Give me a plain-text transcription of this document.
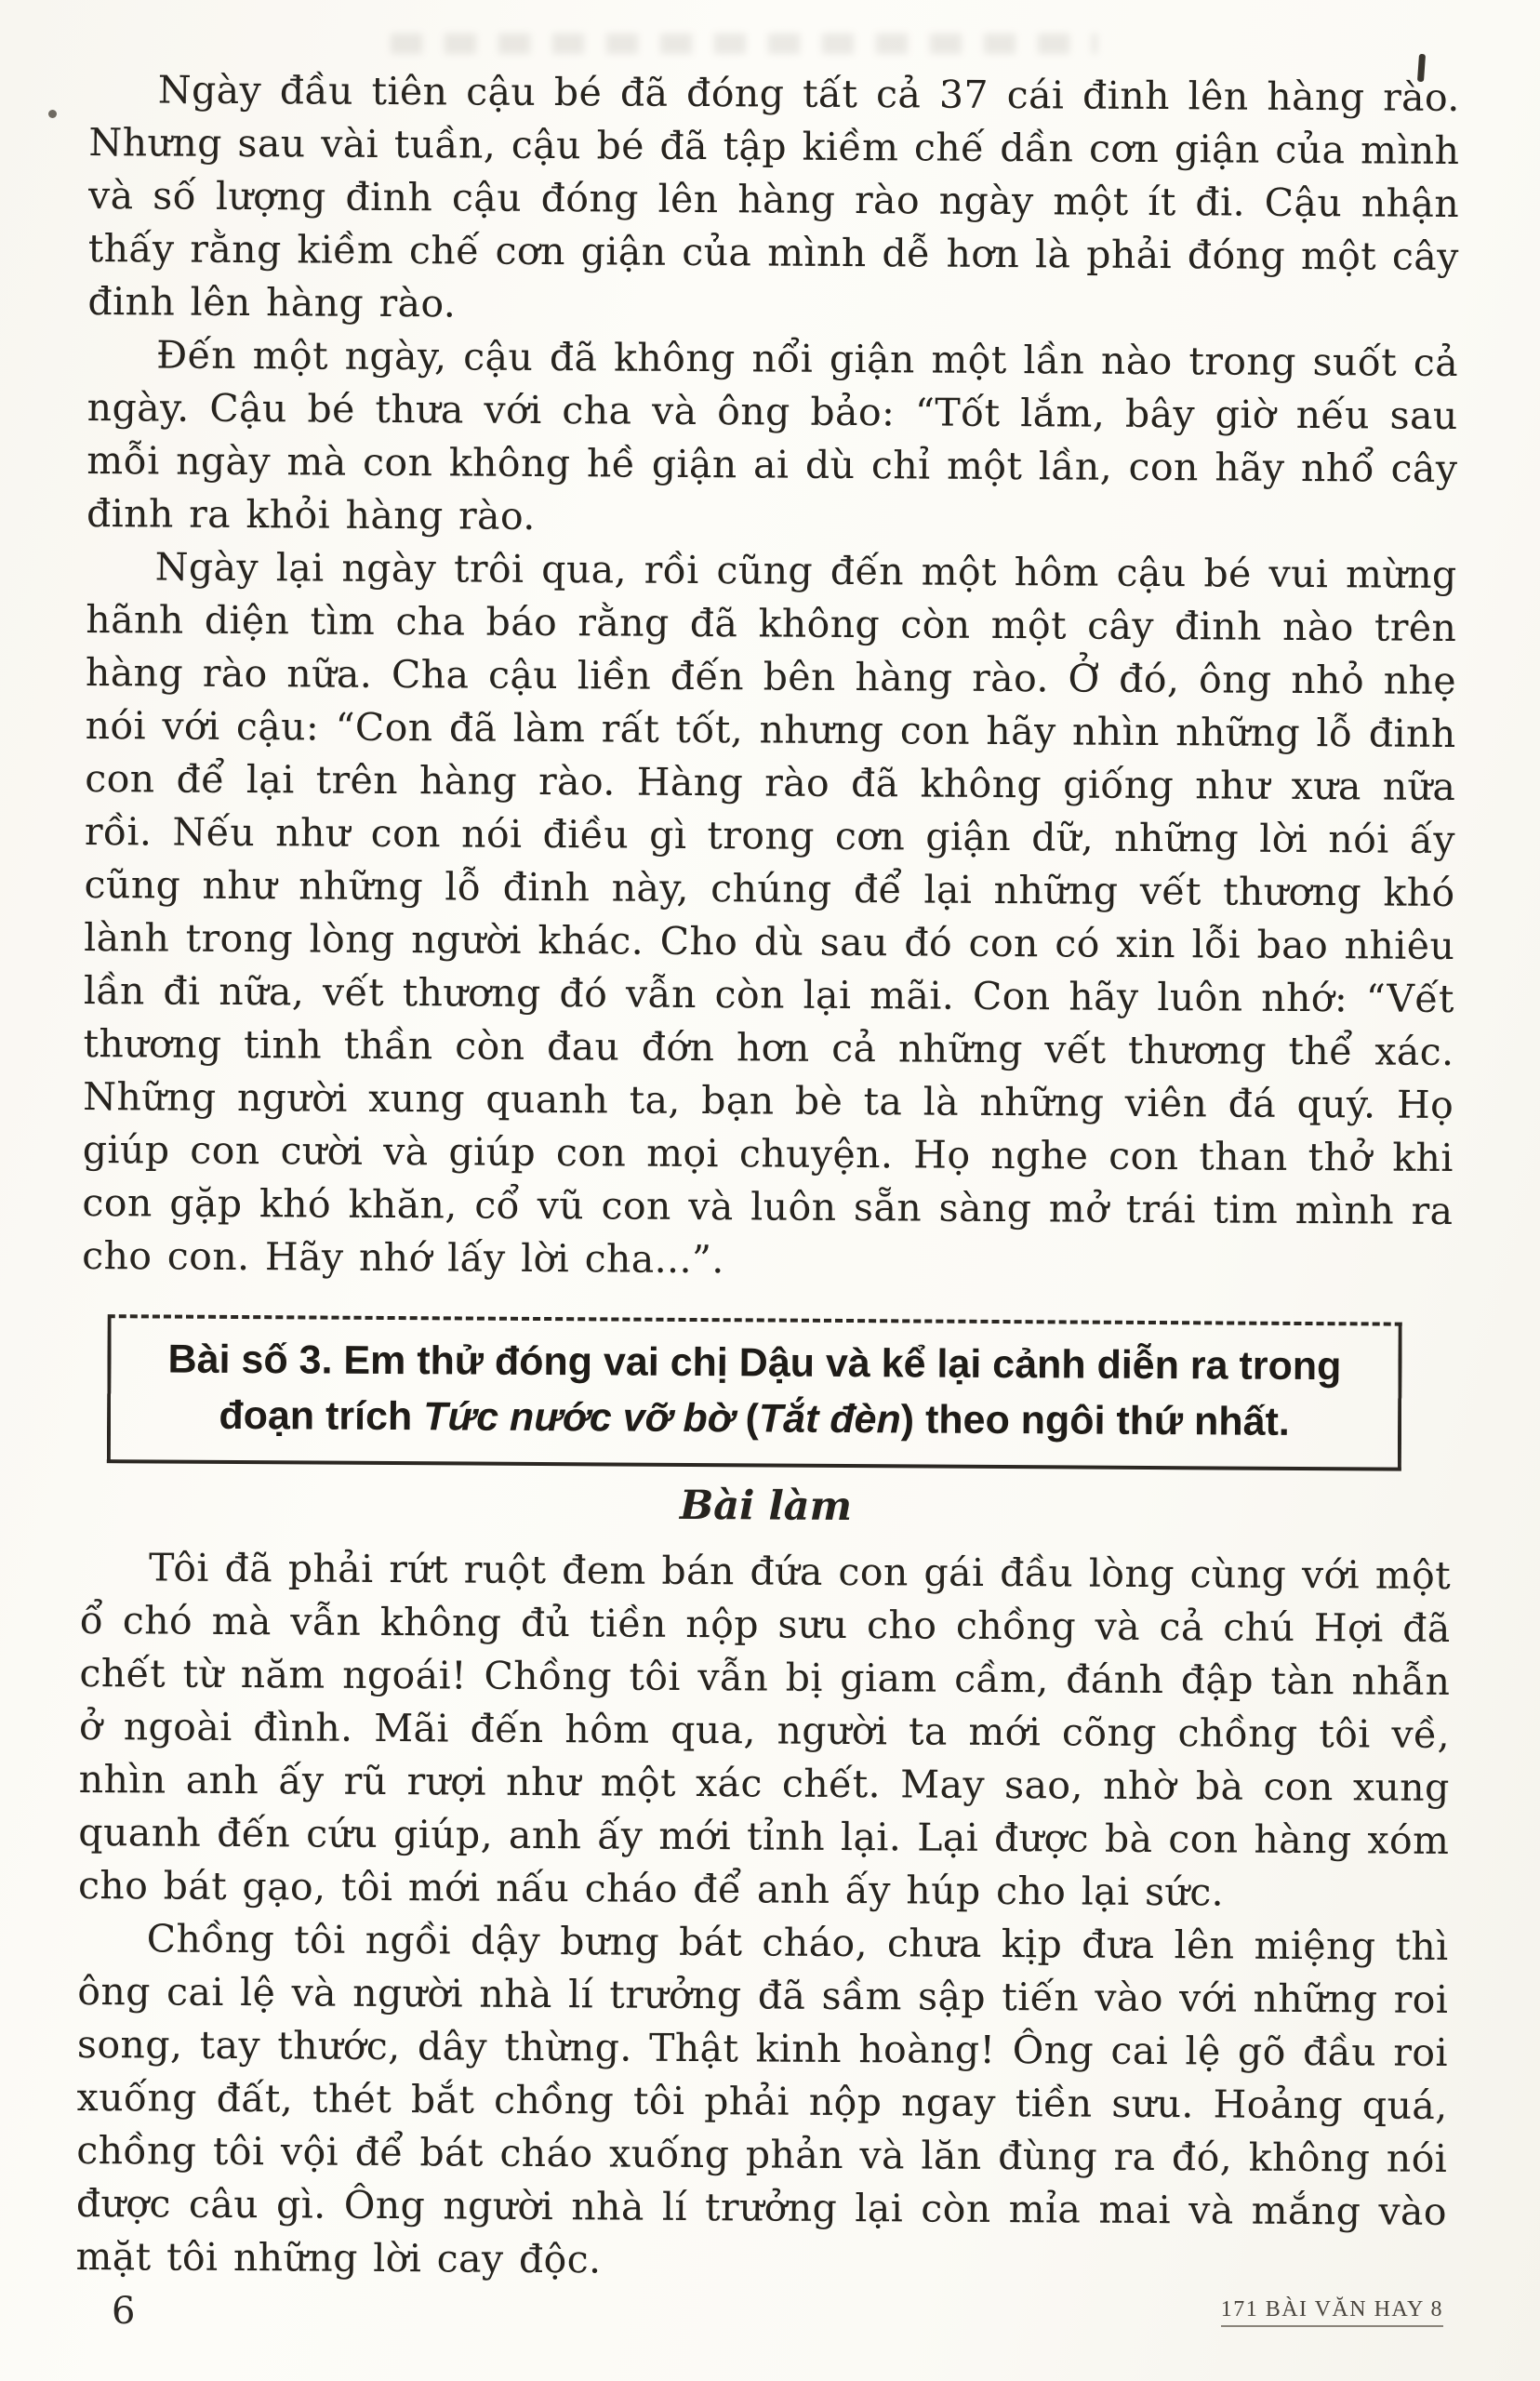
Ngày đầu tiên cậu bé đã đóng tất cả 37 cái đinh lên hàng rào. Nhưng sau vài tuần, cậu bé đã tập kiềm chế dần cơn giận của mình và số lượng đinh cậu đóng lên hàng rào ngày một ít đi. Cậu nhận thấy rằng kiềm chế cơn giận của mình dễ hơn là phải đóng một cây đinh lên hàng rào.

Đến một ngày, cậu đã không nổi giận một lần nào trong suốt cả ngày. Cậu bé thưa với cha và ông bảo: “Tốt lắm, bây giờ nếu sau mỗi ngày mà con không hề giận ai dù chỉ một lần, con hãy nhổ cây đinh ra khỏi hàng rào.

Ngày lại ngày trôi qua, rồi cũng đến một hôm cậu bé vui mừng hãnh diện tìm cha báo rằng đã không còn một cây đinh nào trên hàng rào nữa. Cha cậu liền đến bên hàng rào. Ở đó, ông nhỏ nhẹ nói với cậu: “Con đã làm rất tốt, nhưng con hãy nhìn những lỗ đinh con để lại trên hàng rào. Hàng rào đã không giống như xưa nữa rồi. Nếu như con nói điều gì trong cơn giận dữ, những lời nói ấy cũng như những lỗ đinh này, chúng để lại những vết thương khó lành trong lòng người khác. Cho dù sau đó con có xin lỗi bao nhiêu lần đi nữa, vết thương đó vẫn còn lại mãi. Con hãy luôn nhớ: “Vết thương tinh thần còn đau đớn hơn cả những vết thương thể xác. Những người xung quanh ta, bạn bè ta là những viên đá quý. Họ giúp con cười và giúp con mọi chuyện. Họ nghe con than thở khi con gặp khó khăn, cổ vũ con và luôn sẵn sàng mở trái tim mình ra cho con. Hãy nhớ lấy lời cha...”.

Bài số 3. Em thử đóng vai chị Dậu và kể lại cảnh diễn ra trong đoạn trích Tức nước vỡ bờ (Tắt đèn) theo ngôi thứ nhất.
Bài làm

Tôi đã phải rứt ruột đem bán đứa con gái đầu lòng cùng với một ổ chó mà vẫn không đủ tiền nộp sưu cho chồng và cả chú Hợi đã chết từ năm ngoái! Chồng tôi vẫn bị giam cầm, đánh đập tàn nhẫn ở ngoài đình. Mãi đến hôm qua, người ta mới cõng chồng tôi về, nhìn anh ấy rũ rượi như một xác chết. May sao, nhờ bà con xung quanh đến cứu giúp, anh ấy mới tỉnh lại. Lại được bà con hàng xóm cho bát gạo, tôi mới nấu cháo để anh ấy húp cho lại sức.

Chồng tôi ngồi dậy bưng bát cháo, chưa kịp đưa lên miệng thì ông cai lệ và người nhà lí trưởng đã sầm sập tiến vào với những roi song, tay thước, dây thừng. Thật kinh hoàng! Ông cai lệ gõ đầu roi xuống đất, thét bắt chồng tôi phải nộp ngay tiền sưu. Hoảng quá, chồng tôi vội để bát cháo xuống phản và lăn đùng ra đó, không nói được câu gì. Ông người nhà lí trưởng lại còn mỉa mai và mắng vào mặt tôi những lời cay độc.

6	171 BÀI VĂN HAY 8
